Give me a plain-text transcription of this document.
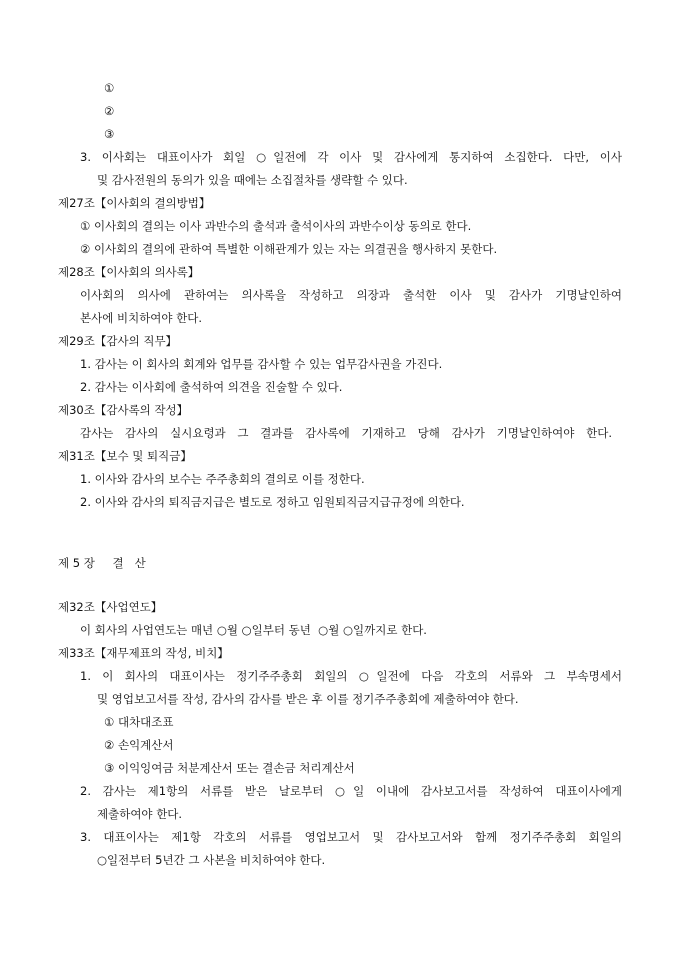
①
②
③
3. 이사회는 대표이사가 회일 ○일전에 각 이사 및 감사에게 통지하여 소집한다. 다만, 이사
및 감사전원의 동의가 있을 때에는 소집절차를 생략할 수 있다.
제27조【이사회의 결의방법】
① 이사회의 결의는 이사 과반수의 출석과 출석이사의 과반수이상 동의로 한다.
② 이사회의 결의에 관하여 특별한 이해관계가 있는 자는 의결권을 행사하지 못한다.
제28조【이사회의 의사록】
이사회의 의사에 관하여는 의사록을 작성하고 의장과 출석한 이사 및 감사가 기명날인하여
본사에 비치하여야 한다.
제29조【감사의 직무】
1. 감사는 이 회사의 회계와 업무를 감사할 수 있는 업무감사권을 가진다.
2. 감사는 이사회에 출석하여 의견을 진술할 수 있다.
제30조【감사록의 작성】
감사는 감사의 실시요령과 그 결과를 감사록에 기재하고 당해 감사가 기명날인하여야 한다.
제31조【보수 및 퇴직금】
1. 이사와 감사의 보수는 주주총회의 결의로 이를 정한다.
2. 이사와 감사의 퇴직금지급은 별도로 정하고 임원퇴직금지급규정에 의한다.
제 5 장 결   산
제32조【사업연도】
이 회사의 사업연도는 매년 ○월 ○일부터 동년  ○월 ○일까지로 한다.
제33조【재무제표의 작성, 비치】
1. 이 회사의 대표이사는 정기주주총회 회일의 ○일전에 다음 각호의 서류와 그 부속명세서
및 영업보고서를 작성, 감사의 감사를 받은 후 이를 정기주주총회에 제출하여야 한다.
① 대차대조표
② 손익계산서
③ 이익잉여금 처분계산서 또는 결손금 처리계산서
2. 감사는 제1항의 서류를 받은 날로부터 ○일 이내에 감사보고서를 작성하여 대표이사에게
제출하여야 한다.
3. 대표이사는 제1항 각호의 서류를 영업보고서 및 감사보고서와 함께 정기주주총회 회일의
○일전부터 5년간 그 사본을 비치하여야 한다.
